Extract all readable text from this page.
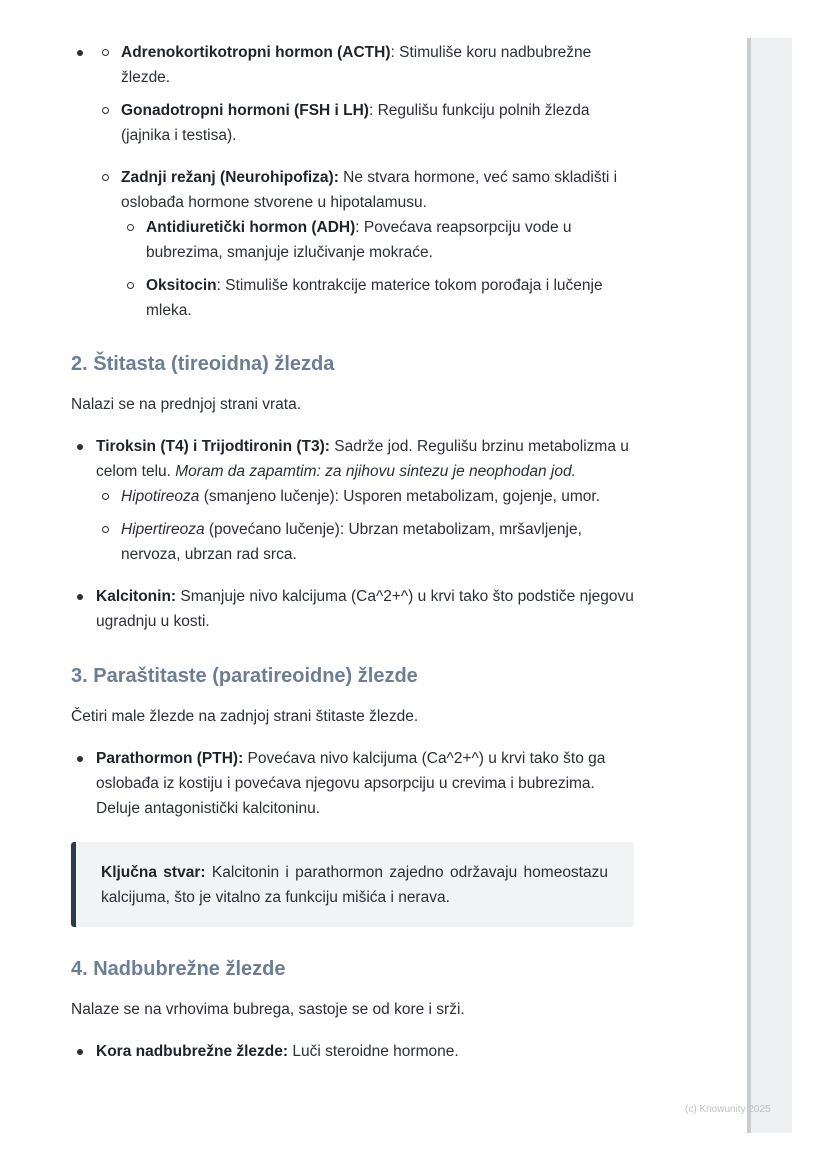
Adrenokortikotropni hormon (ACTH): Stimuliše koru nadbubrežne žlezde.
Gonadotropni hormoni (FSH i LH): Regulišu funkciju polnih žlezda (jajnika i testisa).
Zadnji režanj (Neurohipofiza): Ne stvara hormone, već samo skladišti i oslobađa hormone stvorene u hipotalamusu.
Antidiuretički hormon (ADH): Povećava reapsorpciju vode u bubrezima, smanjuje izlučivanje mokraće.
Oksitocin: Stimuliše kontrakcije materice tokom porođaja i lučenje mleka.
2. Štitasta (tireoidna) žlezda

Nalazi se na prednjoj strani vrata.

Tiroksin (T4) i Trijodtironin (T3): Sadrže jod. Regulišu brzinu metabolizma u celom telu. Moram da zapamtim: za njihovu sintezu je neophodan jod.
Hipotireoza (smanjeno lučenje): Usporen metabolizam, gojenje, umor.
Hipertireoza (povećano lučenje): Ubrzan metabolizam, mršavljenje, nervoza, ubrzan rad srca.
Kalcitonin: Smanjuje nivo kalcijuma (Ca^2+^) u krvi tako što podstiče njegovu ugradnju u kosti.
3. Paraštitaste (paratireoidne) žlezde

Četiri male žlezde na zadnjoj strani štitaste žlezde.

Parathormon (PTH): Povećava nivo kalcijuma (Ca^2+^) u krvi tako što ga oslobađa iz kostiju i povećava njegovu apsorpciju u crevima i bubrezima. Deluje antagonistički kalcitoninu.
Ključna stvar: Kalcitonin i parathormon zajedno održavaju homeostazu kalcijuma, što je vitalno za funkciju mišića i nerava.
4. Nadbubrežne žlezde

Nalaze se na vrhovima bubrega, sastoje se od kore i srži.

Kora nadbubrežne žlezde: Luči steroidne hormone.
(c) Knowunity 2025
